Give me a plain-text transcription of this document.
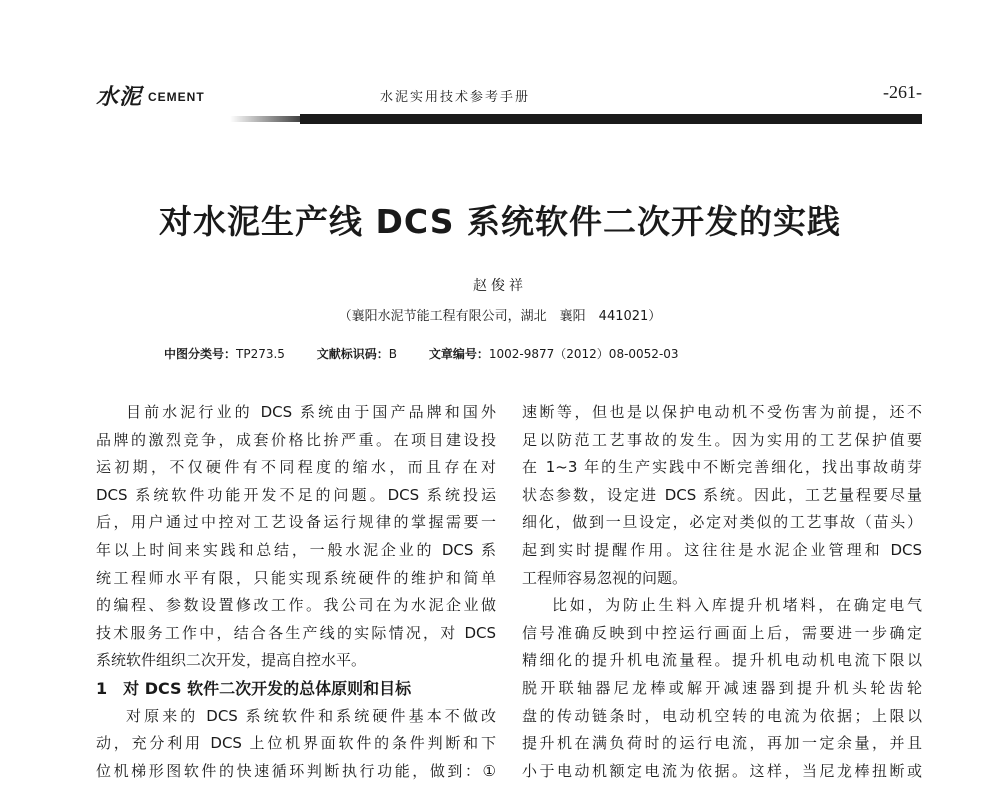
水泥 CEMENT	水泥实用技术参考手册	-261-
对水泥生产线 DCS 系统软件二次开发的实践
赵俊祥
（襄阳水泥节能工程有限公司，湖北　襄阳　441021）
中图分类号：TP273.5	文献标识码：B	文章编号：1002-9877（2012）08-0052-03
目前水泥行业的 DCS 系统由于国产品牌和国外
品牌的激烈竞争，成套价格比拚严重。在项目建设投
运初期，不仅硬件有不同程度的缩水，而且存在对
DCS 系统软件功能开发不足的问题。DCS 系统投运
后，用户通过中控对工艺设备运行规律的掌握需要一
年以上时间来实践和总结，一般水泥企业的 DCS 系
统工程师水平有限，只能实现系统硬件的维护和简单
的编程、参数设置修改工作。我公司在为水泥企业做
技术服务工作中，结合各生产线的实际情况，对 DCS
系统软件组织二次开发，提高自控水平。
1　对 DCS 软件二次开发的总体原则和目标
对原来的 DCS 系统软件和系统硬件基本不做改
动，充分利用 DCS 上位机界面软件的条件判断和下
位机梯形图软件的快速循环判断执行功能，做到：①
速断等，但也是以保护电动机不受伤害为前提，还不
足以防范工艺事故的发生。因为实用的工艺保护值要
在 1~3 年的生产实践中不断完善细化，找出事故萌芽
状态参数，设定进 DCS 系统。因此，工艺量程要尽量
细化，做到一旦设定，必定对类似的工艺事故（苗头）
起到实时提醒作用。这往往是水泥企业管理和 DCS
工程师容易忽视的问题。
比如，为防止生料入库提升机堵料，在确定电气
信号准确反映到中控运行画面上后，需要进一步确定
精细化的提升机电流量程。提升机电动机电流下限以
脱开联轴器尼龙棒或解开减速器到提升机头轮齿轮
盘的传动链条时，电动机空转的电流为依据；上限以
提升机在满负荷时的运行电流，再加一定余量，并且
小于电动机额定电流为依据。这样，当尼龙棒扭断或
